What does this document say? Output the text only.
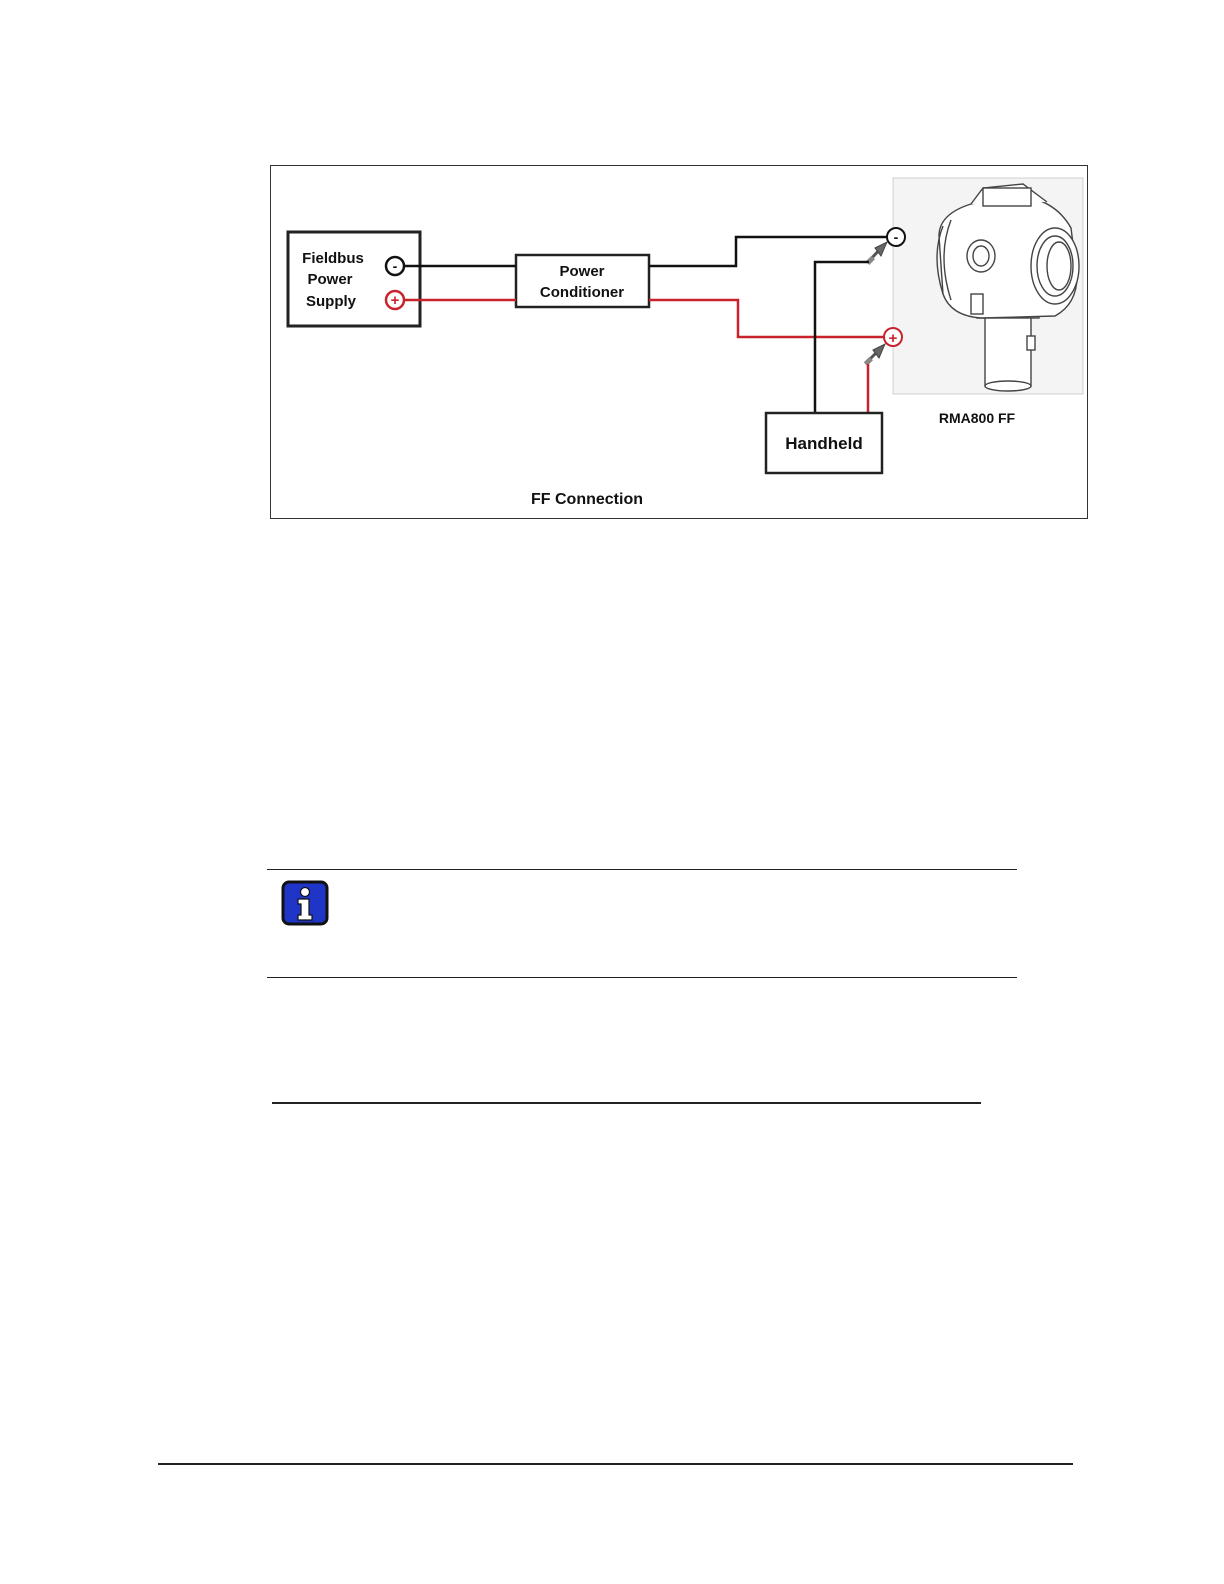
Fieldbus
Power
Supply
-
+
Power
Conditioner
-
+
Handheld
RMA800 FF
FF Connection
